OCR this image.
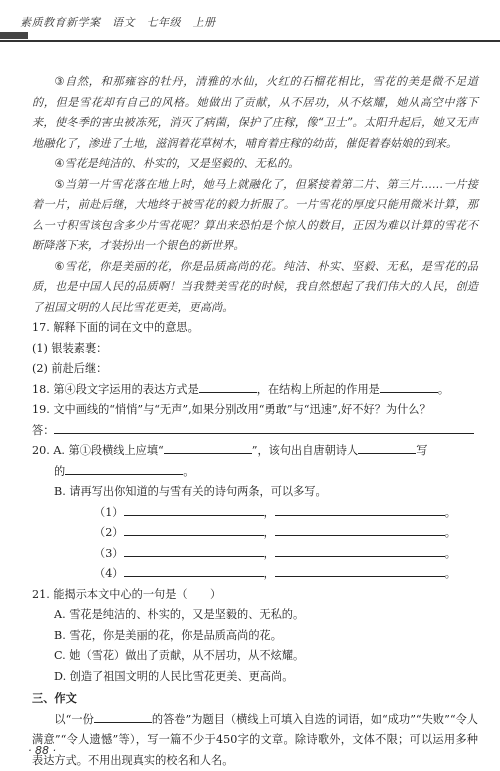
素质教育新学案　语文　七年级　上册

③自然，和那雍容的牡丹，清雅的水仙，火红的石榴花相比，雪花的美是微不足道的，但是雪花却有自己的风格。她做出了贡献，从不居功，从不炫耀，她从高空中落下来，使冬季的害虫被冻死，消灭了病菌，保护了庄稼，像“卫士”。太阳升起后，她又无声地融化了，渗进了土地，滋润着花草树木，哺育着庄稼的幼苗，催促着春姑娘的到来。

④雪花是纯洁的、朴实的，又是坚毅的、无私的。

⑤当第一片雪花落在地上时，她马上就融化了，但紧接着第二片、第三片……一片接着一片，前赴后继，大地终于被雪花的毅力折服了。一片雪花的厚度只能用微米计算，那么一寸积雪该包含多少片雪花呢？算出来恐怕是个惊人的数目，正因为难以计算的雪花不断降落下来，才装扮出一个银色的新世界。

⑥雪花，你是美丽的花，你是品质高尚的花。纯洁、朴实、坚毅、无私，是雪花的品质，也是中国人民的品质啊！当我赞美雪花的时候，我自然想起了我们伟大的人民，创造了祖国文明的人民比雪花更美，更高尚。

17. 解释下面的词在文中的意思。

(1) 银装素裹：

(2) 前赴后继：

18. 第④段文字运用的表达方式是	，在结构上所起的作用是	。

19. 文中画线的“悄悄”与“无声”,如果分别改用“勇敢”与“迅速”,好不好？为什么？

答：

20. A. 第①段横线上应填“	”，该句出自唐朝诗人	写

的	。

B. 请再写出你知道的与雪有关的诗句两条，可以多写。

（1）	，	。

（2）	，	。

（3）	，	。

（4）	，	。

21. 能揭示本文中心的一句是（　　）

A. 雪花是纯洁的、朴实的，又是坚毅的、无私的。

B. 雪花，你是美丽的花，你是品质高尚的花。

C. 她（雪花）做出了贡献，从不居功，从不炫耀。

D. 创造了祖国文明的人民比雪花更美、更高尚。

三、作文

以“一份	的答卷”为题目（横线上可填入自选的词语，如“成功”“失败”“令人满意”“令人遗憾”等），写一篇不少于450字的文章。除诗歌外，文体不限；可以运用多种表达方式。不用出现真实的校名和人名。

· 88 ·
